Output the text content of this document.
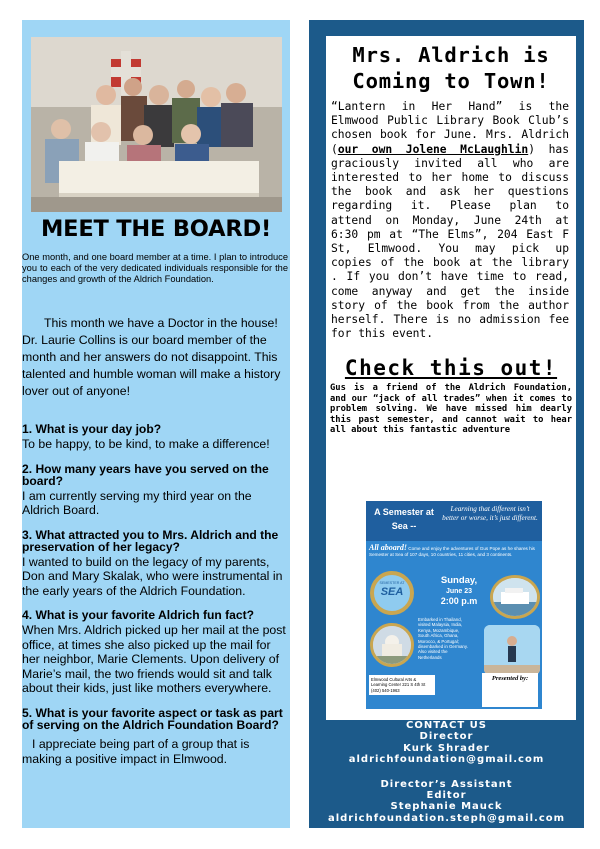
MEET THE BOARD!

One month, and one board member at a time. I plan to introduce you to each of the very dedicated individuals responsible for the changes and growth of the Aldrich Foundation.

This month we have a Doctor in the house! Dr. Laurie Collins is our board member of the month and her answers do not disappoint. This talented and humble woman will make a history lover out of anyone!

1. What is your day job?

To be happy, to be kind, to make a difference!

2. How many years have you served on the board?

I am currently serving my third year on the Aldrich Board.

3. What attracted you to Mrs. Aldrich and the preservation of her legacy?

I wanted to build on the legacy of my parents, Don and Mary Skalak, who were instrumental in the early years of the Aldrich Foundation.

4. What is your favorite Aldrich fun fact?

When Mrs. Aldrich picked up her mail at the post office, at times she also picked up the mail for her neighbor, Marie Clements. Upon delivery of Marie’s mail, the two friends would sit and talk about their kids, just like mothers everywhere.

5. What is your favorite aspect or task as part of serving on the Aldrich Foundation Board?

I appreciate being part of a group that is making a positive impact in Elmwood.

Mrs. Aldrich is Coming to Town!

“Lantern in Her Hand” is the Elmwood Public Library Book Club’s chosen book for June. Mrs. Aldrich (our own Jolene McLaughlin) has graciously invited all who are interested to her home to discuss the book and ask her questions regarding it. Please plan to attend on Monday, June 24th at 6:30 pm at “The Elms”, 204 East F St, Elmwood. You may pick up copies of the book at the library . If you don’t have time to read, come anyway and get the inside story of the book from the author herself. There is no admission fee for this event.

Check this out!

Gus is a friend of the Aldrich Foundation, and our “jack of all trades” when it comes to problem solving. We have missed him dearly this past semester, and cannot wait to hear all about this fantastic adventure

A Semester at Sea --
Learning that different isn’t better or worse, it’s just different.
All aboard! Come and enjoy the adventures of Gus Pope as he shares his Semester at Sea of 107 days, 10 countries, 11 cities, and 3 continents.
SEMESTER AT
SEA
Sunday,
June 23
2:00 p.m
Embarked in Thailand, visited Malaysia, India, Kenya, Mozambique, South Africa, Ghana, Morocco, & Portugal; disembarked in Germany. Also visited the Netherlands
Elmwood Cultural Arts & Learning Center 221 S 4th St (402) 540-1963
Presented by:

CONTACT US

Director

Kurk Shrader

aldrichfoundation@gmail.com

Director’s Assistant

Editor

Stephanie Mauck

aldrichfoundation.steph@gmail.com
